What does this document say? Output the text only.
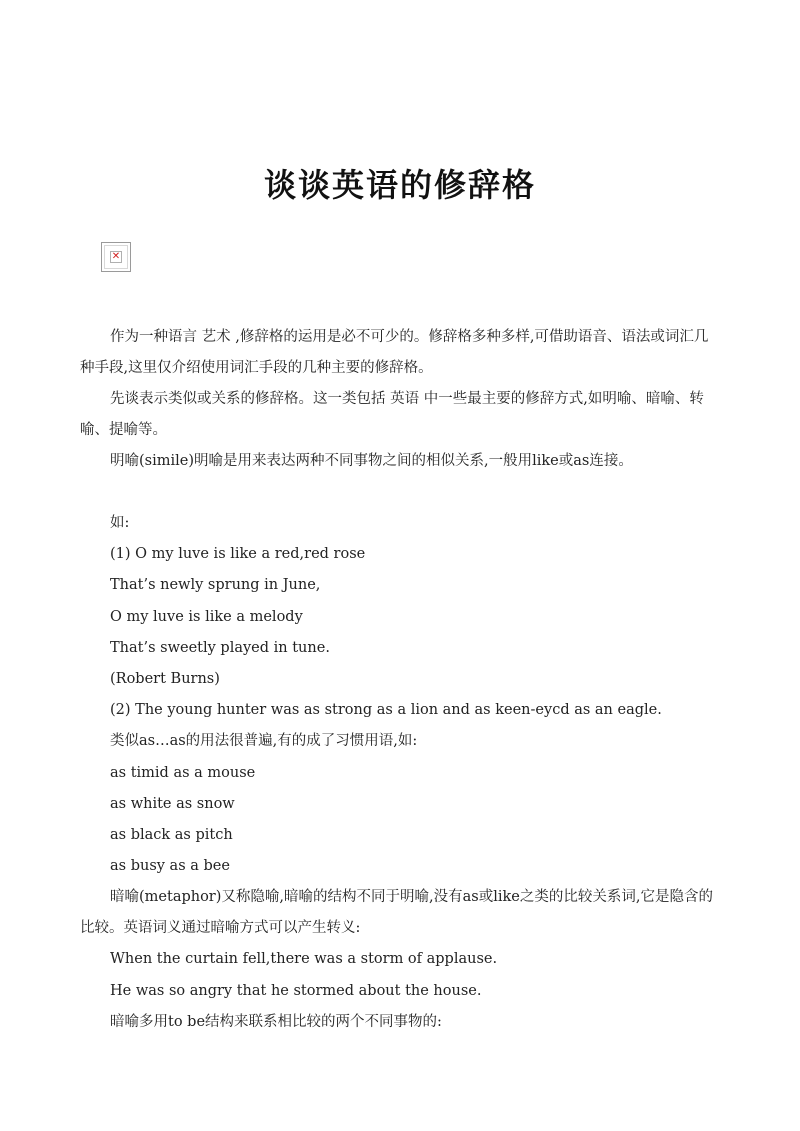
谈谈英语的修辞格
✕

作为一种语言 艺术 ,修辞格的运用是必不可少的。修辞格多种多样,可借助语音、语法或词汇几种手段,这里仅介绍使用词汇手段的几种主要的修辞格。

先谈表示类似或关系的修辞格。这一类包括 英语 中一些最主要的修辞方式,如明喻、暗喻、转喻、提喻等。

明喻(simile)明喻是用来表达两种不同事物之间的相似关系,一般用like或as连接。

如:

(1) O my luve is like a red,red rose

That’s newly sprung in June,

O my luve is like a melody

That’s sweetly played in tune.

(Robert Burns)

(2) The young hunter was as strong as a lion and as keen-eycd as an eagle.

类似as…as的用法很普遍,有的成了习惯用语,如:

as timid as a mouse

as white as snow

as black as pitch

as busy as a bee

暗喻(metaphor)又称隐喻,暗喻的结构不同于明喻,没有as或like之类的比较关系词,它是隐含的比较。英语词义通过暗喻方式可以产生转义:

When the curtain fell,there was a storm of applause.

He was so angry that he stormed about the house.

暗喻多用to be结构来联系相比较的两个不同事物的:
